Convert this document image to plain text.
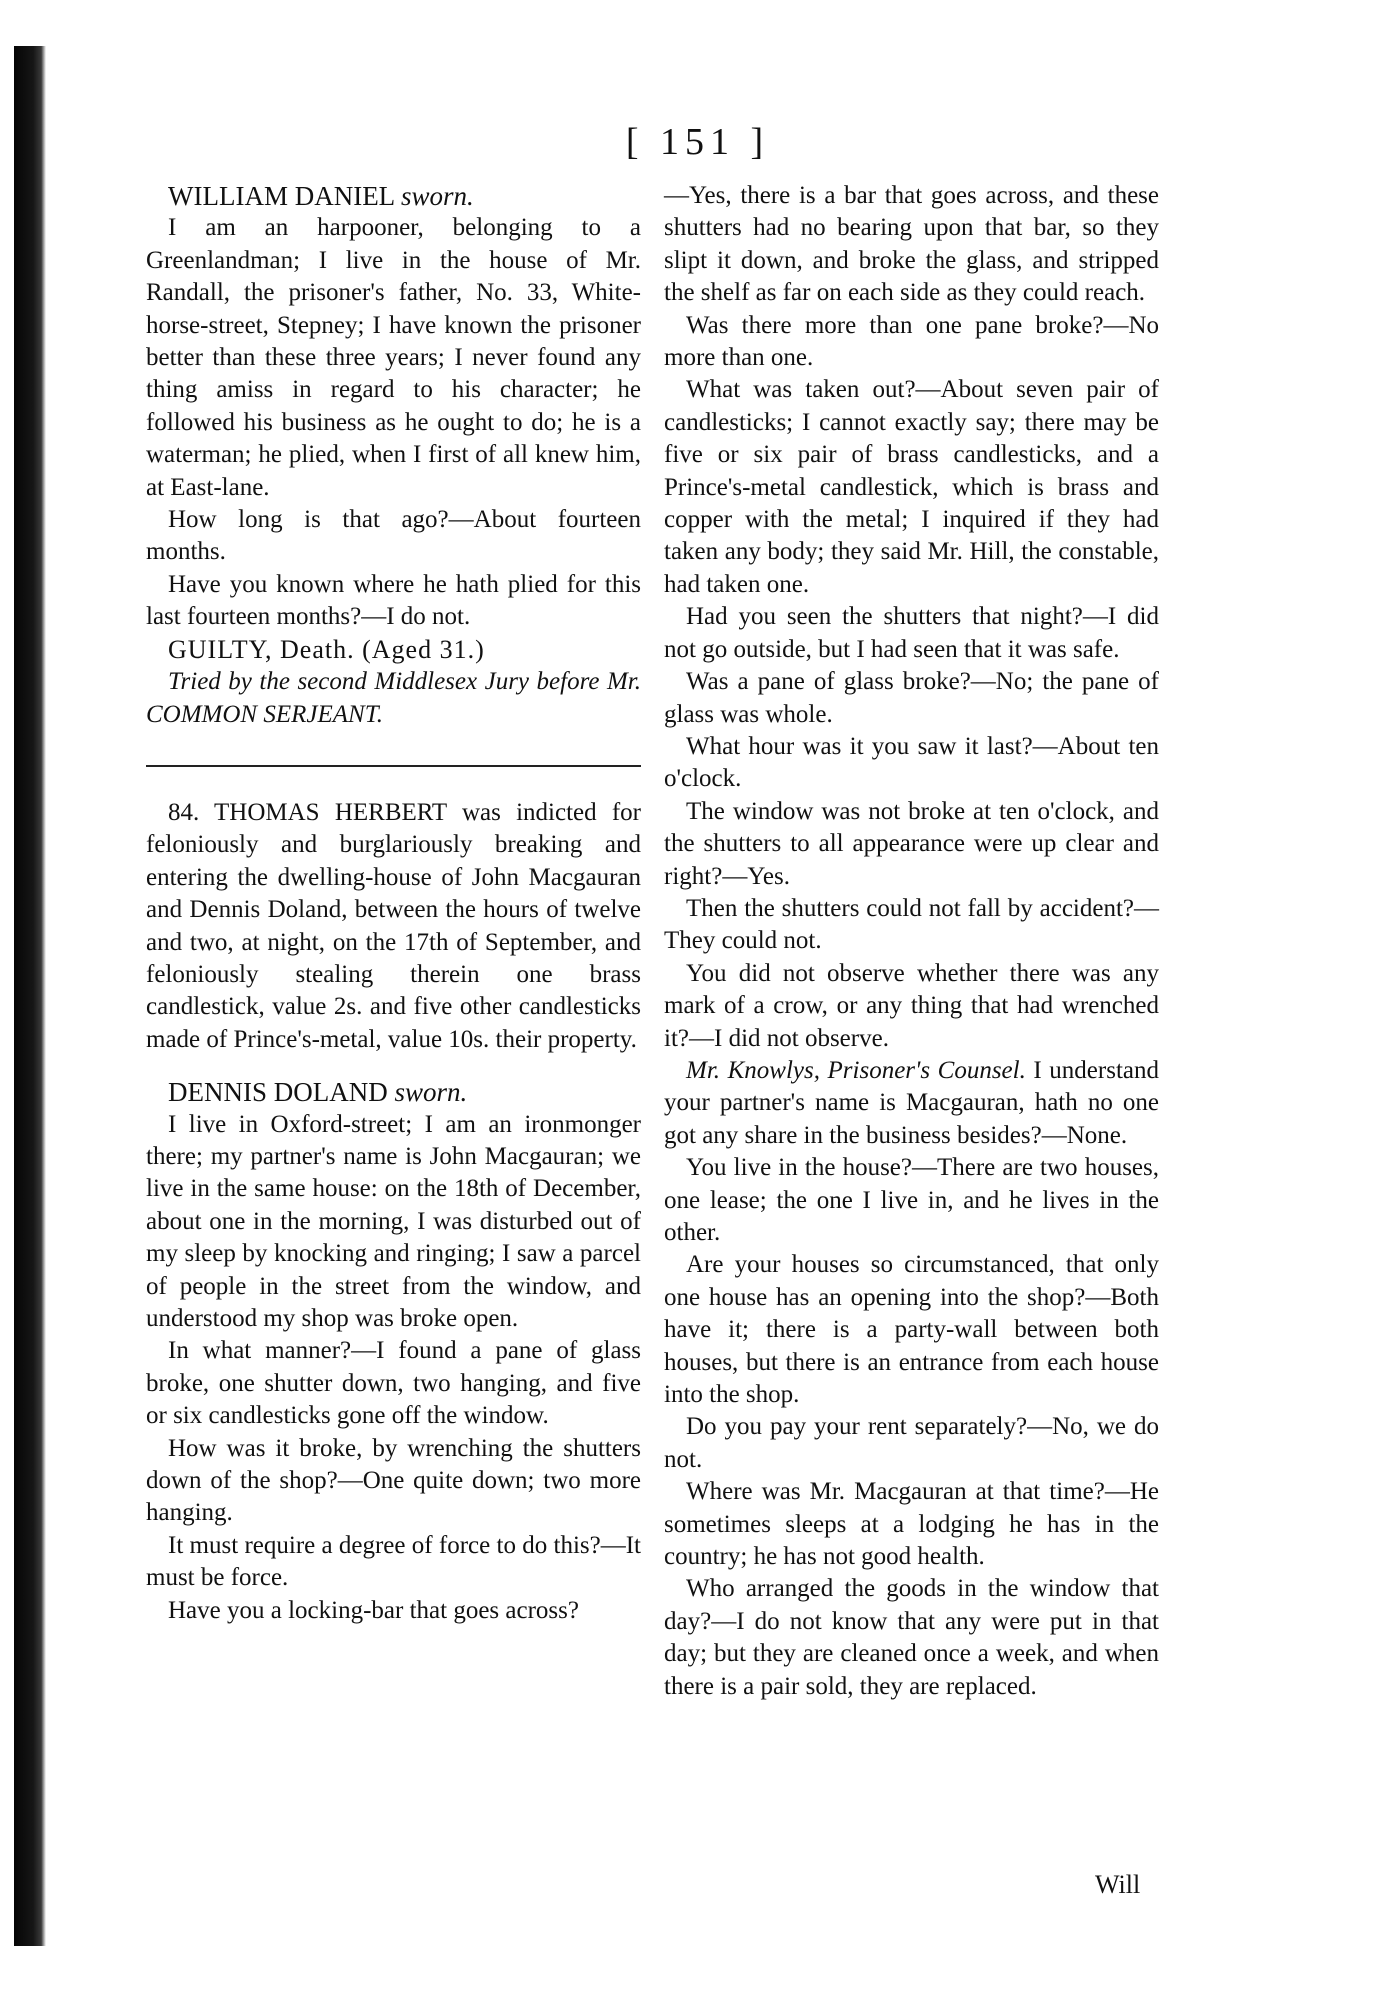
[ 151 ]

WILLIAM DANIEL sworn.

I am an harpooner, belonging to a Greenlandman; I live in the house of Mr. Randall, the prisoner's father, No. 33, White-horse-street, Stepney; I have known the prisoner better than these three years; I never found any thing amiss in regard to his character; he followed his business as he ought to do; he is a waterman; he plied, when I first of all knew him, at East-lane.

How long is that ago?—About fourteen months.

Have you known where he hath plied for this last fourteen months?—I do not.

GUILTY, Death. (Aged 31.)

Tried by the second Middlesex Jury before Mr. COMMON SERJEANT.

84. THOMAS HERBERT was indicted for feloniously and burglariously breaking and entering the dwelling-house of John Macgauran and Dennis Doland, between the hours of twelve and two, at night, on the 17th of September, and feloniously stealing therein one brass candlestick, value 2s. and five other candlesticks made of Prince's-metal, value 10s. their property.

DENNIS DOLAND sworn.

I live in Oxford-street; I am an ironmonger there; my partner's name is John Macgauran; we live in the same house: on the 18th of December, about one in the morning, I was disturbed out of my sleep by knocking and ringing; I saw a parcel of people in the street from the window, and understood my shop was broke open.

In what manner?—I found a pane of glass broke, one shutter down, two hanging, and five or six candlesticks gone off the window.

How was it broke, by wrenching the shutters down of the shop?—One quite down; two more hanging.

It must require a degree of force to do this?—It must be force.

Have you a locking-bar that goes across?

—Yes, there is a bar that goes across, and these shutters had no bearing upon that bar, so they slipt it down, and broke the glass, and stripped the shelf as far on each side as they could reach.

Was there more than one pane broke?—No more than one.

What was taken out?—About seven pair of candlesticks; I cannot exactly say; there may be five or six pair of brass candlesticks, and a Prince's-metal candlestick, which is brass and copper with the metal; I inquired if they had taken any body; they said Mr. Hill, the constable, had taken one.

Had you seen the shutters that night?—I did not go outside, but I had seen that it was safe.

Was a pane of glass broke?—No; the pane of glass was whole.

What hour was it you saw it last?—About ten o'clock.

The window was not broke at ten o'clock, and the shutters to all appearance were up clear and right?—Yes.

Then the shutters could not fall by accident?—They could not.

You did not observe whether there was any mark of a crow, or any thing that had wrenched it?—I did not observe.

Mr. Knowlys, Prisoner's Counsel. I understand your partner's name is Macgauran, hath no one got any share in the business besides?—None.

You live in the house?—There are two houses, one lease; the one I live in, and he lives in the other.

Are your houses so circumstanced, that only one house has an opening into the shop?—Both have it; there is a party-wall between both houses, but there is an entrance from each house into the shop.

Do you pay your rent separately?—No, we do not.

Where was Mr. Macgauran at that time?—He sometimes sleeps at a lodging he has in the country; he has not good health.

Who arranged the goods in the window that day?—I do not know that any were put in that day; but they are cleaned once a week, and when there is a pair sold, they are replaced.

Will
